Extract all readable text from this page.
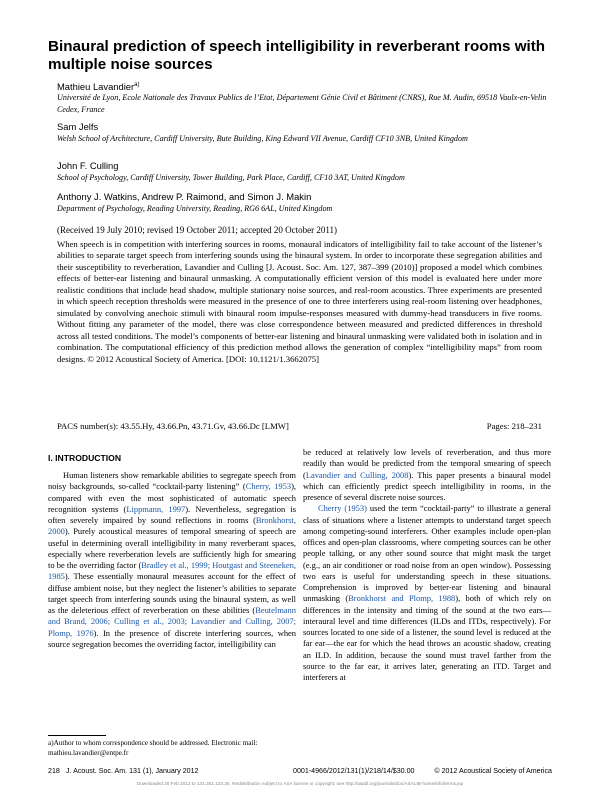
Binaural prediction of speech intelligibility in reverberant rooms with multiple noise sources
Mathieu Lavandier$^{a)}$
Université de Lyon, Ecole Nationale des Travaux Publics de l’Etat, Département Génie Civil et Bâtiment (CNRS), Rue M. Audin, 69518 Vaulx-en-Velin Cedex, France
Sam Jelfs
Welsh School of Architecture, Cardiff University, Bute Building, King Edward VII Avenue, Cardiff CF10 3NB, United Kingdom
John F. Culling
School of Psychology, Cardiff University, Tower Building, Park Place, Cardiff, CF10 3AT, United Kingdom
Anthony J. Watkins, Andrew P. Raimond, and Simon J. Makin
Department of Psychology, Reading University, Reading, RG6 6AL, United Kingdom
(Received 19 July 2010; revised 19 October 2011; accepted 20 October 2011)

When speech is in competition with interfering sources in rooms, monaural indicators of intelligibility fail to take account of the listener’s abilities to separate target speech from interfering sounds using the binaural system. In order to incorporate these segregation abilities and their susceptibility to reverberation, Lavandier and Culling [J. Acoust. Soc. Am. 127, 387–399 (2010)] proposed a model which combines effects of better-ear listening and binaural unmasking. A computationally efficient version of this model is evaluated here under more realistic conditions that include head shadow, multiple stationary noise sources, and real-room acoustics. Three experiments are presented in which speech reception thresholds were measured in the presence of one to three interferers using real-room listening over headphones, simulated by convolving anechoic stimuli with binaural room impulse-responses measured with dummy-head transducers in five rooms. Without fitting any parameter of the model, there was close correspondence between measured and predicted differences in threshold across all tested conditions. The model’s components of better-ear listening and binaural unmasking were validated both in isolation and in combination. The computational efficiency of this prediction method allows the generation of complex “intelligibility maps” from room designs. © 2012 Acoustical Society of America. [DOI: 10.1121/1.3662075]

PACS number(s): 43.55.Hy, 43.66.Pn, 43.71.Gv, 43.66.Dc [LMW]	Pages: 218–231
I. INTRODUCTION

Human listeners show remarkable abilities to segregate speech from noisy backgrounds, so-called “cocktail-party listening” (Cherry, 1953), compared with even the most sophisticated of automatic speech recognition systems (Lippmann, 1997). Nevertheless, segregation is often severely impaired by sound reflections in rooms (Bronkhorst, 2000). Purely acoustical measures of temporal smearing of speech are useful in determining overall intelligibility in many reverberant spaces, especially where reverberation levels are sufficiently high for smearing to be the overriding factor (Bradley et al., 1999; Houtgast and Steeneken, 1985). These essentially monaural measures account for the effect of diffuse ambient noise, but they neglect the listener’s abilities to separate target speech from interfering sounds using the binaural system, as well as the deleterious effect of reverberation on these abilities (Beutelmann and Brand, 2006; Culling et al., 2003; Lavandier and Culling, 2007; Plomp, 1976). In the presence of discrete interfering sources, when source segregation becomes the overriding factor, intelligibility can

be reduced at relatively low levels of reverberation, and thus more readily than would be predicted from the temporal smearing of speech (Lavandier and Culling, 2008). This paper presents a binaural model which can efficiently predict speech intelligibility in rooms, in the presence of several discrete noise sources.

Cherry (1953) used the term “cocktail-party” to illustrate a general class of situations where a listener attempts to understand target speech among competing-sound interferers. Other examples include open-plan offices and open-plan classrooms, where competing sources can be other people talking, or any other sound source that might mask the target (e.g., an air conditioner or road noise from an open window). Possessing two ears is useful for understanding speech in these situations. Comprehension is improved by better-ear listening and binaural unmasking (Bronkhorst and Plomp, 1988), both of which rely on differences in the intensity and timing of the sound at the two ears—interaural level and time differences (ILDs and ITDs, respectively). For sources located to one side of a listener, the sound level is reduced at the far ear—the ear for which the head throws an acoustic shadow, creating an ILD. In addition, because the sound must travel farther from the source to the far ear, it arrives later, generating an ITD. Target and interferers at

a)Author to whom correspondence should be addressed. Electronic mail: mathieu.lavandier@entpe.fr
218 J. Acoust. Soc. Am. 131 (1), January 2012	0001-4966/2012/131(1)/218/14/$30.00	© 2012 Acoustical Society of America
Downloaded 20 Feb 2012 to 131.251.133.25. Redistribution subject to ASA license or copyright; see http://asadl.org/journals/doc/ASALIB-home/info/terms.jsp
